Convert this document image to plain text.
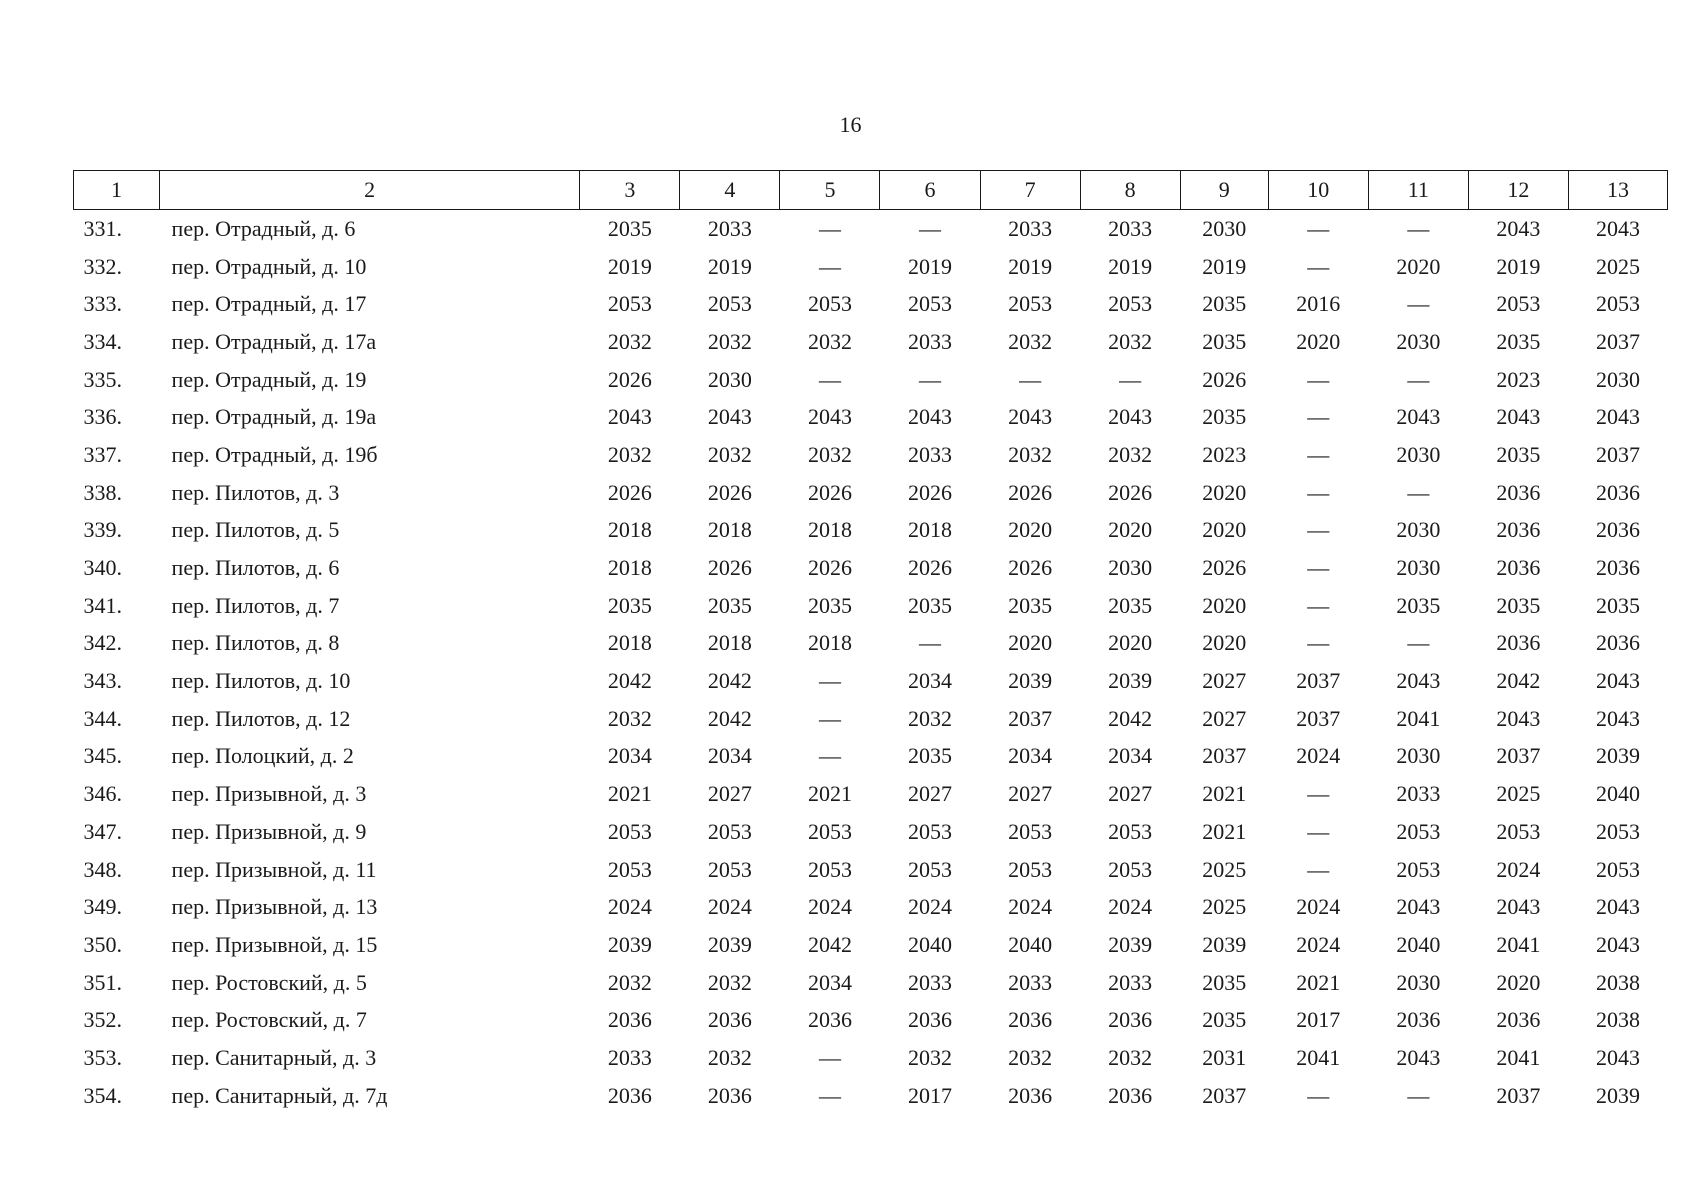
16
1	2	3	4	5	6	7	8	9	10	11	12	13
331.	пер. Отрадный, д. 6	2035	2033	—	—	2033	2033	2030	—	—	2043	2043
332.	пер. Отрадный, д. 10	2019	2019	—	2019	2019	2019	2019	—	2020	2019	2025
333.	пер. Отрадный, д. 17	2053	2053	2053	2053	2053	2053	2035	2016	—	2053	2053
334.	пер. Отрадный, д. 17а	2032	2032	2032	2033	2032	2032	2035	2020	2030	2035	2037
335.	пер. Отрадный, д. 19	2026	2030	—	—	—	—	2026	—	—	2023	2030
336.	пер. Отрадный, д. 19а	2043	2043	2043	2043	2043	2043	2035	—	2043	2043	2043
337.	пер. Отрадный, д. 19б	2032	2032	2032	2033	2032	2032	2023	—	2030	2035	2037
338.	пер. Пилотов, д. 3	2026	2026	2026	2026	2026	2026	2020	—	—	2036	2036
339.	пер. Пилотов, д. 5	2018	2018	2018	2018	2020	2020	2020	—	2030	2036	2036
340.	пер. Пилотов, д. 6	2018	2026	2026	2026	2026	2030	2026	—	2030	2036	2036
341.	пер. Пилотов, д. 7	2035	2035	2035	2035	2035	2035	2020	—	2035	2035	2035
342.	пер. Пилотов, д. 8	2018	2018	2018	—	2020	2020	2020	—	—	2036	2036
343.	пер. Пилотов, д. 10	2042	2042	—	2034	2039	2039	2027	2037	2043	2042	2043
344.	пер. Пилотов, д. 12	2032	2042	—	2032	2037	2042	2027	2037	2041	2043	2043
345.	пер. Полоцкий, д. 2	2034	2034	—	2035	2034	2034	2037	2024	2030	2037	2039
346.	пер. Призывной, д. 3	2021	2027	2021	2027	2027	2027	2021	—	2033	2025	2040
347.	пер. Призывной, д. 9	2053	2053	2053	2053	2053	2053	2021	—	2053	2053	2053
348.	пер. Призывной, д. 11	2053	2053	2053	2053	2053	2053	2025	—	2053	2024	2053
349.	пер. Призывной, д. 13	2024	2024	2024	2024	2024	2024	2025	2024	2043	2043	2043
350.	пер. Призывной, д. 15	2039	2039	2042	2040	2040	2039	2039	2024	2040	2041	2043
351.	пер. Ростовский, д. 5	2032	2032	2034	2033	2033	2033	2035	2021	2030	2020	2038
352.	пер. Ростовский, д. 7	2036	2036	2036	2036	2036	2036	2035	2017	2036	2036	2038
353.	пер. Санитарный, д. 3	2033	2032	—	2032	2032	2032	2031	2041	2043	2041	2043
354.	пер. Санитарный, д. 7д	2036	2036	—	2017	2036	2036	2037	—	—	2037	2039
